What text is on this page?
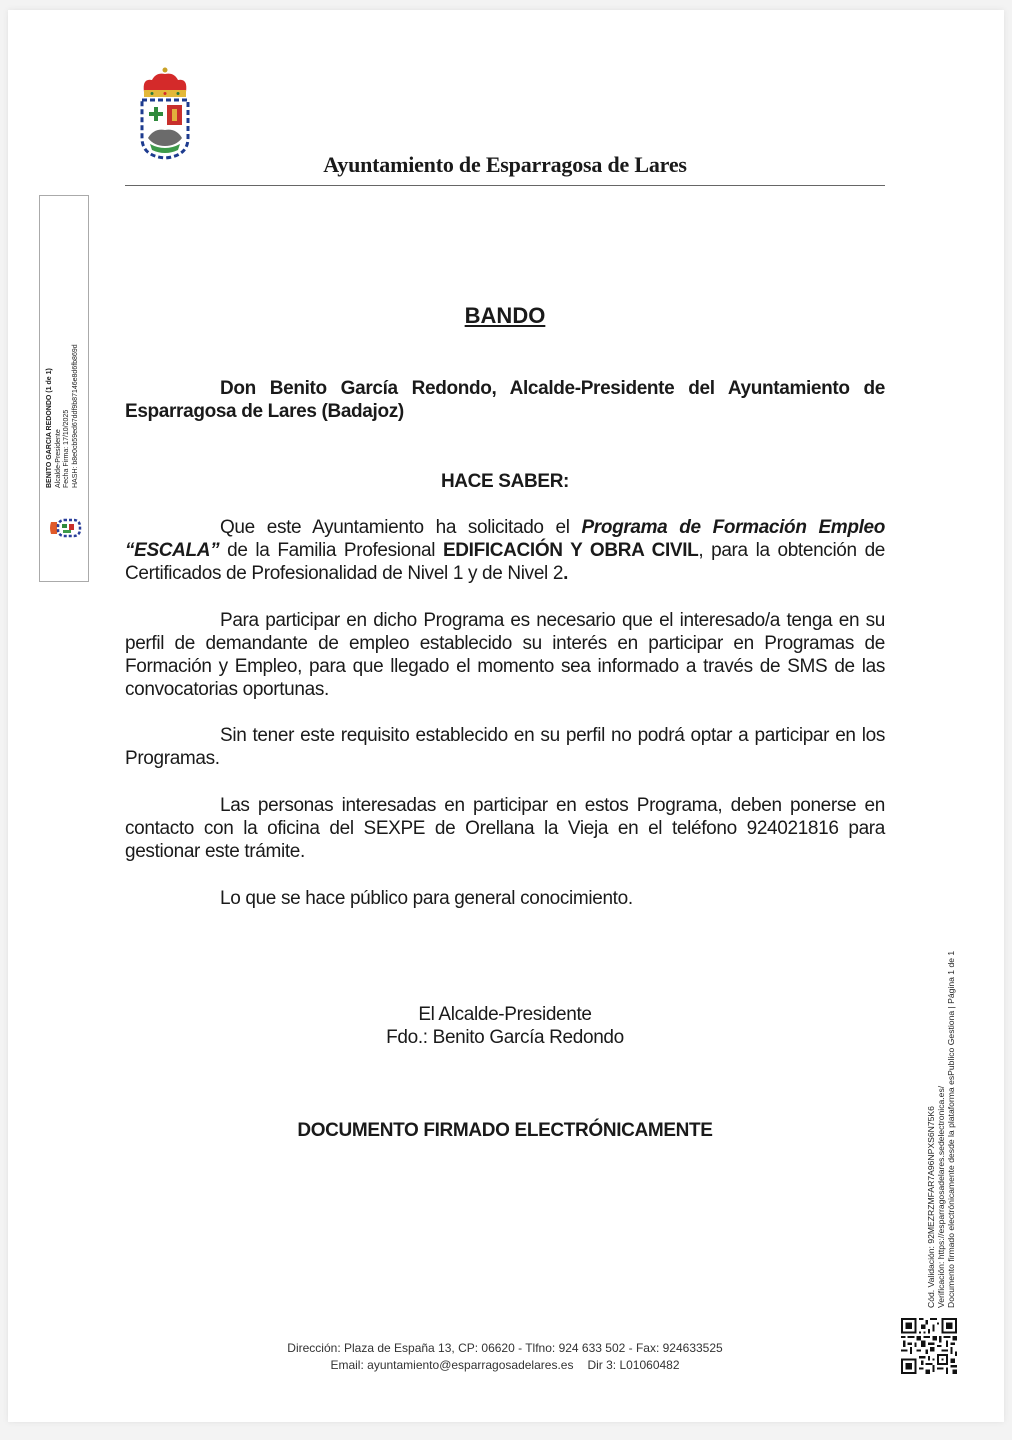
Ayuntamiento de Esparragosa de Lares
BENITO GARCIA REDONDO (1 de 1) Alcalde-Presidente Fecha Firma: 17/10/2025 HASH: b8e0cb59ed67ddf9b87146e8d6fb869d
BANDO
Don Benito García Redondo, Alcalde-Presidente del Ayuntamiento de Esparragosa de Lares (Badajoz)
HACE SABER:
Que este Ayuntamiento ha solicitado el Programa de Formación Empleo “ESCALA” de la Familia Profesional EDIFICACIÓN Y OBRA CIVIL, para la obtención de Certificados de Profesionalidad de Nivel 1 y de Nivel 2.
Para participar en dicho Programa es necesario que el interesado/a tenga en su perfil de demandante de empleo establecido su interés en participar en Programas de Formación y Empleo, para que llegado el momento sea informado a través de SMS de las convocatorias oportunas.
Sin tener este requisito establecido en su perfil no podrá optar a participar en los Programas.
Las personas interesadas en participar en estos Programa, deben ponerse en contacto con la oficina del SEXPE de Orellana la Vieja en el teléfono 924021816 para gestionar este trámite.
Lo que se hace público para general conocimiento.
El Alcalde-Presidente
Fdo.: Benito García Redondo
DOCUMENTO FIRMADO ELECTRÓNICAMENTE	Cód. Validación: 92MEZRZMFAR7A96NPXS6N75K6 Verificación: https://esparragosadelares.sedelectronica.es/ Documento firmado electrónicamente desde la plataforma esPublico Gestiona | Página 1 de 1
Dirección: Plaza de España 13, CP: 06620 - Tlfno: 924 633 502 - Fax: 924633525
Email: ayuntamiento@esparragosadelares.es Dir 3: L01060482
